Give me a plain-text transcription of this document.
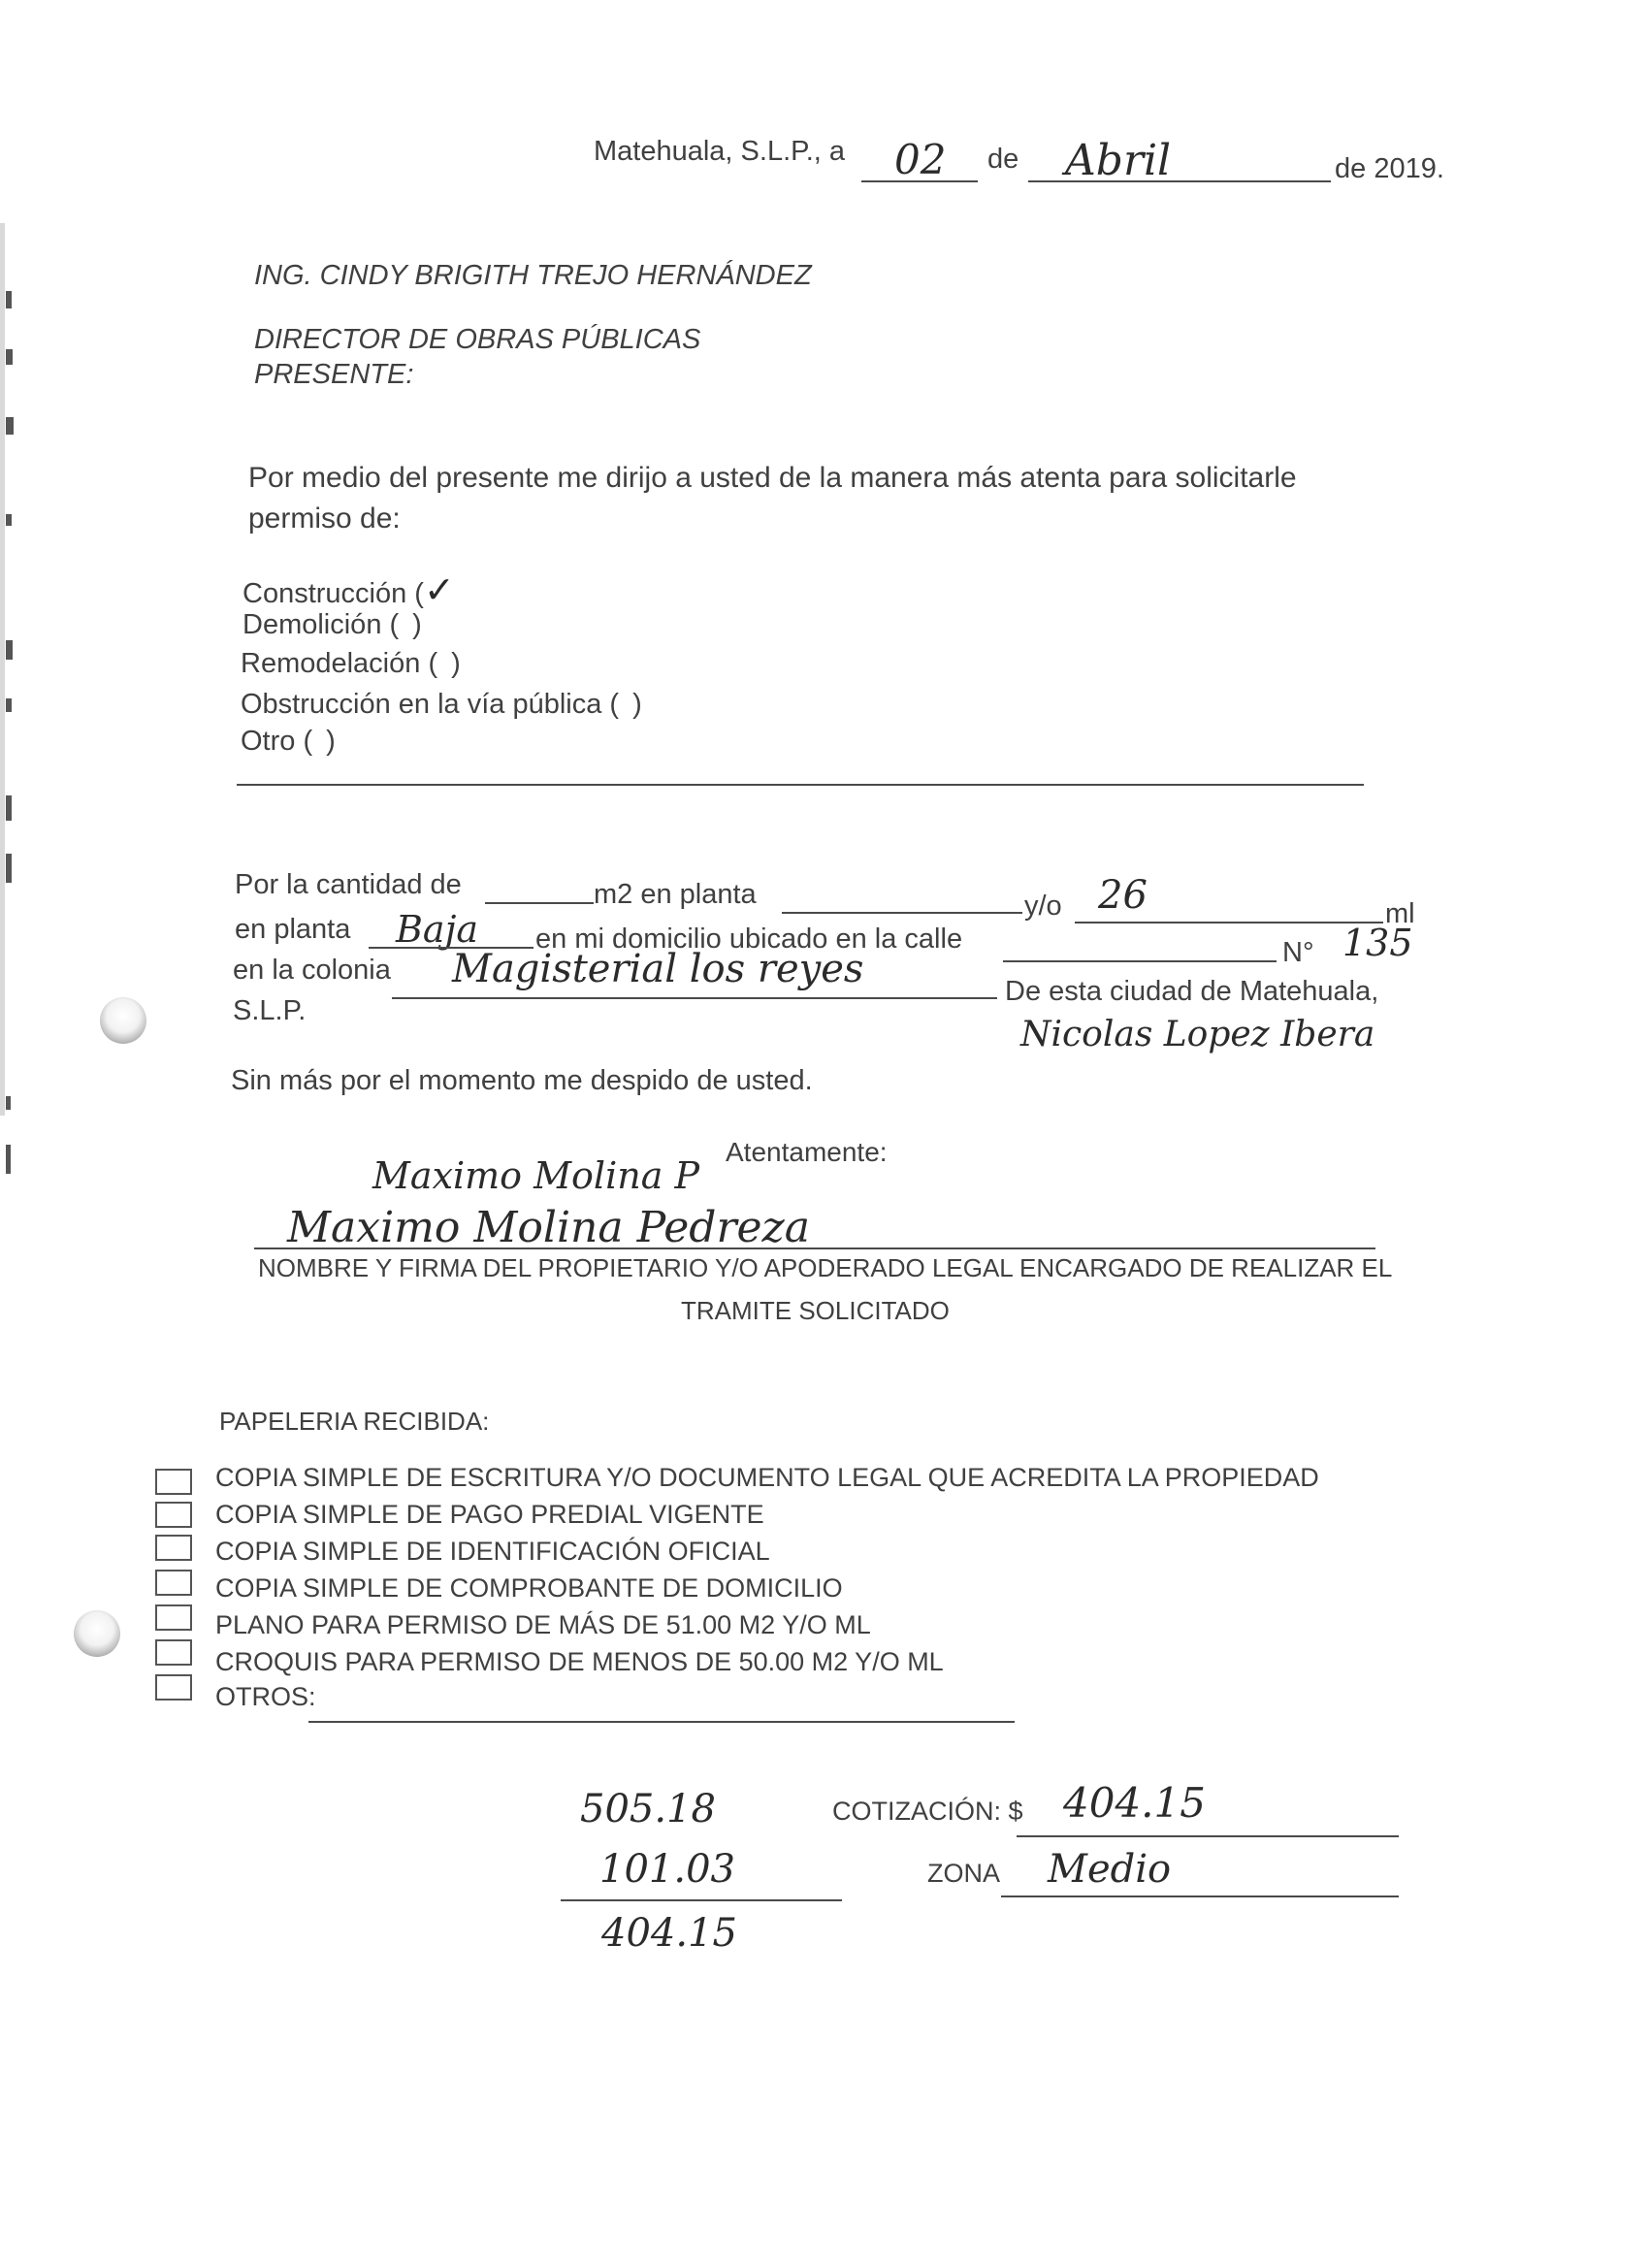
Matehuala, S.L.P., a 02 de Abril	de 2019.
ING. CINDY BRIGITH TREJO HERNÁNDEZ
DIRECTOR DE OBRAS PÚBLICAS
PRESENTE:
Por medio del presente me dirijo a usted de la manera más atenta para solicitarle
permiso de:
Construcción (✓
Demolición ( )
Remodelación ( )
Obstrucción en la vía pública ( )
Otro ( )
Por la cantidad de	m2 en planta	y/o 26	ml
en planta Baja en mi domicilio ubicado en la calle	N° 135
en la colonia Magisterial los reyes	De esta ciudad de Matehuala,
S.L.P.
Nicolas Lopez Ibera
Sin más por el momento me despido de usted.
Atentamente:
Maximo Molina P
Maximo Molina Pedreza
NOMBRE Y FIRMA DEL PROPIETARIO Y/O APODERADO LEGAL ENCARGADO DE REALIZAR EL
TRAMITE SOLICITADO
PAPELERIA RECIBIDA:
COPIA SIMPLE DE ESCRITURA Y/O DOCUMENTO LEGAL QUE ACREDITA LA PROPIEDAD
COPIA SIMPLE DE PAGO PREDIAL VIGENTE
COPIA SIMPLE DE IDENTIFICACIÓN OFICIAL
COPIA SIMPLE DE COMPROBANTE DE DOMICILIO
PLANO PARA PERMISO DE MÁS DE 51.00 M2 Y/O ML
CROQUIS PARA PERMISO DE MENOS DE 50.00 M2 Y/O ML
OTROS:
505.18
101.03
404.15
COTIZACIÓN: $ 404.15
ZONA Medio
